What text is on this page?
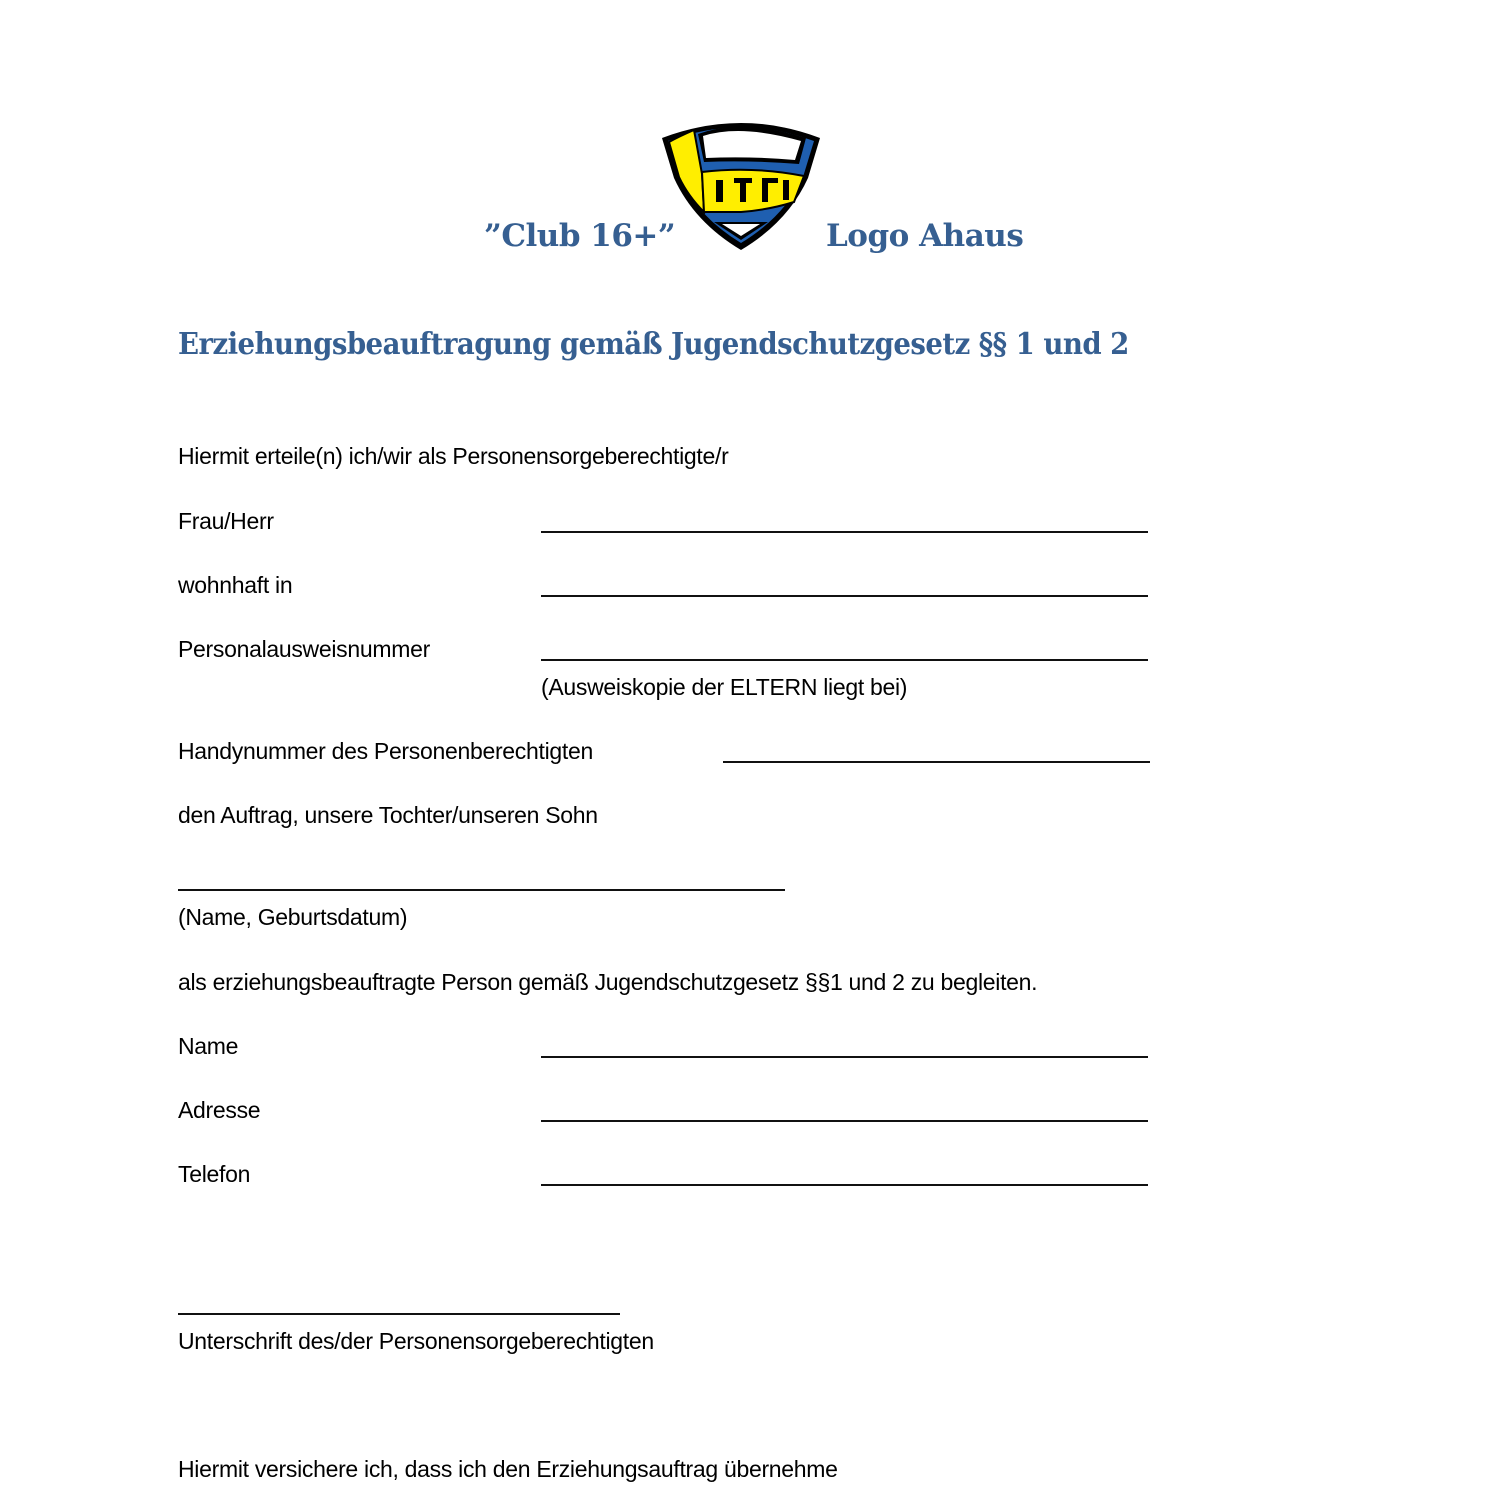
”Club 16+”	Logo Ahaus
Erziehungsbeauftragung gemäß Jugendschutzgesetz §§ 1 und 2
Hiermit erteile(n) ich/wir als Personensorgeberechtigte/r
Frau/Herr
wohnhaft in
Personalausweisnummer
(Ausweiskopie der ELTERN liegt bei)
Handynummer des Personenberechtigten
den Auftrag, unsere Tochter/unseren Sohn
(Name, Geburtsdatum)
als erziehungsbeauftragte Person gemäß Jugendschutzgesetz §§1 und 2 zu begleiten.
Name
Adresse
Telefon
Unterschrift des/der Personensorgeberechtigten
Hiermit versichere ich, dass ich den Erziehungsauftrag übernehme
